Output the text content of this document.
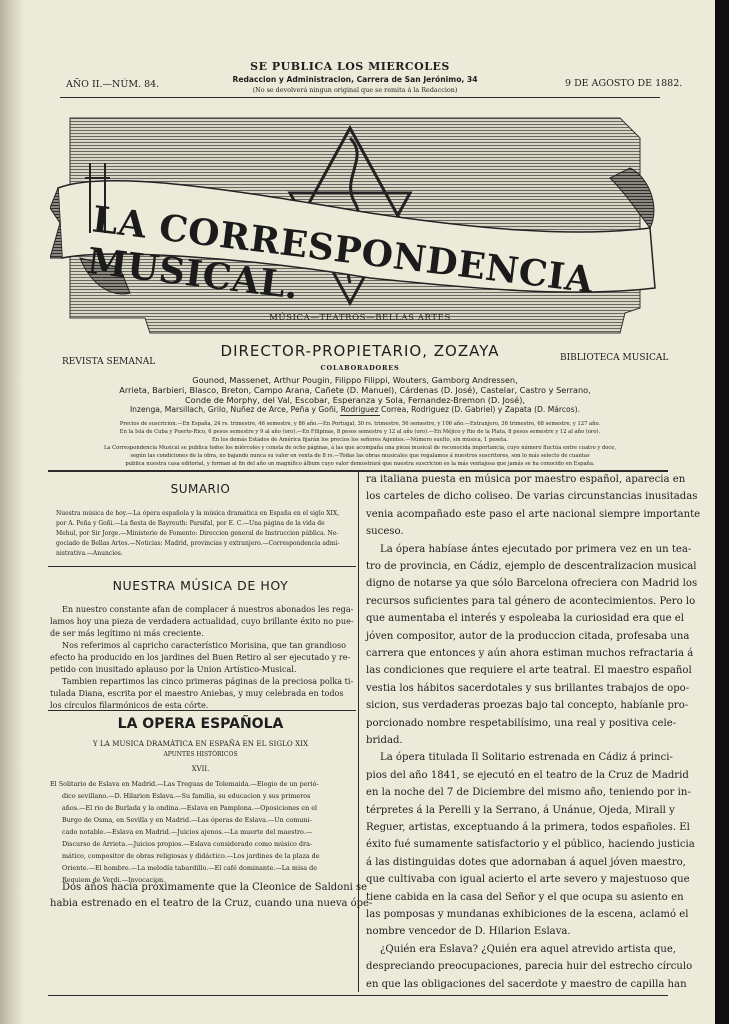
SE PUBLICA LOS MIERCOLES
AÑO II.—NÚM. 84.	Redaccion y Administracion, Carrera de San Jerónimo, 34
(No se devolverá ningun original que se remita á la Redaccion)
9 DE AGOSTO DE 1882.
LA CORRESPONDENCIA MUSICAL.
MÚSICA—TEATROS—BELLAS ARTES
REVISTA SEMANAL	BIBLIOTECA MUSICAL
DIRECTOR-PROPIETARIO, ZOZAYA
COLABORADORES
Gounod, Massenet, Arthur Pougin, Filippo Filippi, Wouters, Gamborg Andressen,
Arrieta, Barbieri, Blasco, Breton, Campo Arana, Cañete (D. Manuel), Cárdenas (D. José), Castelar, Castro y Serrano,
Conde de Morphy, del Val, Escobar, Esperanza y Sola, Fernandez-Bremon (D. José),
Inzenga, Marsillach, Grilo, Nuñez de Arce, Peña y Goñi, Rodriguez Correa, Rodriguez (D. Gabriel) y Zapata (D. Márcos).
Precios de suscricion.—En España, 24 rs. trimestre, 46 semestre, y 86 año.—En Portugal, 30 rs. trimestre, 56 semestre, y 106 año.—Extranjero, 36 trimestre, 68 semestre, y 127 año.
En la Isla de Cuba y Puerto-Rico, 6 pesos semestre y 9 al año (oro).—En Filipinas, 8 pesos semestre y 12 al año (oro).—En Méjico y Rio de la Plata, 8 pesos semestre y 12 al año (oro).
En los demás Estados de América fijarán los precios los señores Agentes.—Número suelto, sin música, 1 peseta.
La Correspondencia Musical se publica todos los miércoles y consta de ocho páginas, á las que acompaña una pieza musical de reconocida importancia, cuyo número fluctúa entre cuatro y doce,
según las condiciones de la obra, no bajando nunca su valor en venta de 8 rs.—Todas las obras musicales que regalamos á nuestros suscritores, son lo más selecto de cuantas
publica nuestra casa editorial, y forman al fin del año un magnífico álbum cuyo valor demostrará que nuestra suscricion es la más ventajosa que jamás se ha conocido en España.
SUMARIO
Nuestra música de hoy.—La ópera española y la música dramática en España en el siglo XIX,
por A. Peña y Goñi.—La fiesta de Bayreuth: Parsifal, por E. C.—Una página de la vida de
Mehul, por Sir Jorge.—Ministerio de Fomento: Direccion general de Instruccion pública. Ne-
gociado de Bellas Artes.—Noticias: Madrid, provincias y extranjero.—Correspondencia admi-
nistrativa.—Anuncios.
NUESTRA MÚSICA DE HOY
En nuestro constante afan de complacer á nuestros abonados les rega-
lamos hoy una pieza de verdadera actualidad, cuyo brillante éxito no pue-
de ser más legítimo ni más creciente.
Nos referimos al capricho característico Morisina, que tan grandioso
efecto ha producido en los jardines del Buen Retiro al ser ejecutado y re-
petido con inusitado aplauso por la Union Artístico-Musical.
Tambien repartimos las cinco primeras páginas de la preciosa polka ti-
tulada Diana, escrita por el maestro Aniebas, y muy celebrada en todos
los círculos filarmónicos de esta córte.
LA OPERA ESPAÑOLA
Y LA MUSICA DRAMÁTICA EN ESPAÑA EN EL SIGLO XIX
APUNTES HISTÓRICOS
XVII.
El Solitario de Eslava en Madrid.—Las Treguas de Tolemaida.—Elogio de un perió-
dico sevillano.—D. Hilarion Eslava.—Su familia, su educacion y sus primeros
años.—El rio de Burlada y la ondina.—Eslava en Pamplona.—Oposiciones en el
Burgo de Osma, en Sevilla y en Madrid.—Las óperas de Eslava.—Un comuni-
cado notable.—Eslava en Madrid.—Juicios ajenos.—La muerte del maestro.—
Discurso de Arrieta.—Juicios propios.—Eslava considerado como músico dra-
mático, compositor de obras religiosas y didáctico.—Los jardines de la plaza de
Oriente.—El hombre.—La melodía tabardillo.—El café dominante.—La misa de
Requiem de Verdi.—Invocacion.
Dos años hacia próximamente que la Cleonice de Saldoni se
habia estrenado en el teatro de la Cruz, cuando una nueva ópe-
ra italiana puesta en música por maestro español, aparecia en
los carteles de dicho coliseo. De varias circunstancias inusitadas
venia acompañado este paso el arte nacional siempre importante
suceso.
La ópera habíase ántes ejecutado por primera vez en un tea-
tro de provincia, en Cádiz, ejemplo de descentralizacion musical
digno de notarse ya que sólo Barcelona ofreciera con Madrid los
recursos suficientes para tal género de acontecimientos. Pero lo
que aumentaba el interés y espoleaba la curiosidad era que el
jóven compositor, autor de la produccion citada, profesaba una
carrera que entonces y aún ahora estiman muchos refractaria á
las condiciones que requiere el arte teatral. El maestro español
vestia los hábitos sacerdotales y sus brillantes trabajos de opo-
sicion, sus verdaderas proezas bajo tal concepto, habíanle pro-
porcionado nombre respetabilísimo, una real y positiva cele-
bridad.
La ópera titulada Il Solitario estrenada en Cádiz á princi-
pios del año 1841, se ejecutó en el teatro de la Cruz de Madrid
en la noche del 7 de Diciembre del mismo año, teniendo por in-
térpretes á la Perelli y la Serrano, á Unánue, Ojeda, Mirall y
Reguer, artistas, exceptuando á la primera, todos españoles. El
éxito fué sumamente satisfactorio y el público, haciendo justicia
á las distinguidas dotes que adornaban á aquel jóven maestro,
que cultivaba con igual acierto el arte severo y majestuoso que
tiene cabida en la casa del Señor y el que ocupa su asiento en
las pomposas y mundanas exhibiciones de la escena, aclamó el
nombre vencedor de D. Hilarion Eslava.
¿Quién era Eslava? ¿Quién era aquel atrevido artista que,
despreciando preocupaciones, parecia huir del estrecho círculo
en que las obligaciones del sacerdote y maestro de capilla han
